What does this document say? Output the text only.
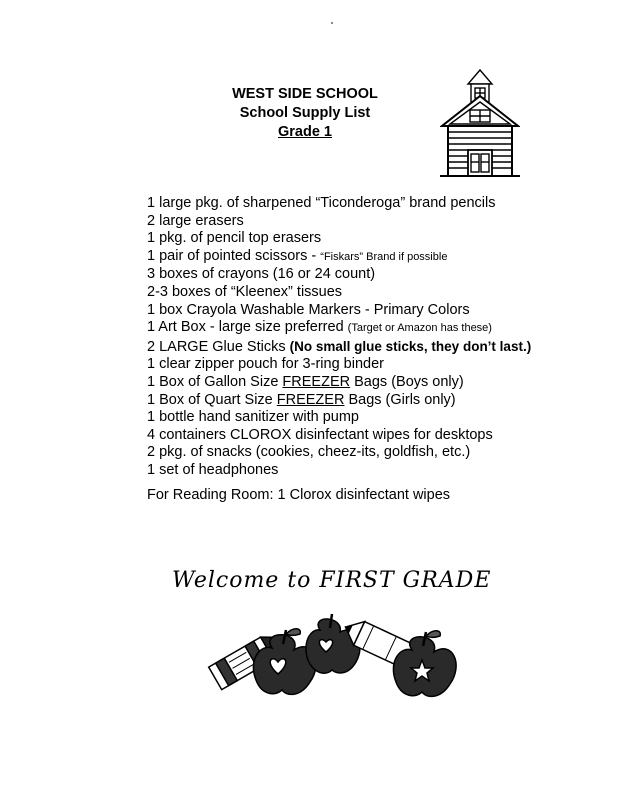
WEST SIDE SCHOOL
School Supply List
Grade 1
1 large pkg. of sharpened “Ticonderoga” brand pencils
2 large erasers
1 pkg. of pencil top erasers
1 pair of pointed scissors - “Fiskars” Brand if possible
3 boxes of crayons (16 or 24 count)
2-3 boxes of “Kleenex” tissues
1 box Crayola Washable Markers - Primary Colors
1 Art Box - large size preferred (Target or Amazon has these)
2 LARGE Glue Sticks (No small glue sticks, they don’t last.)
1 clear zipper pouch for 3-ring binder
1 Box of Gallon Size FREEZER Bags (Boys only)
1 Box of Quart Size FREEZER Bags (Girls only)
1 bottle hand sanitizer with pump
4 containers CLOROX disinfectant wipes for desktops
2 pkg. of snacks (cookies, cheez-its, goldfish, etc.)
1 set of headphones
For Reading Room: 1 Clorox disinfectant wipes
Welcome to FIRST GRADE
